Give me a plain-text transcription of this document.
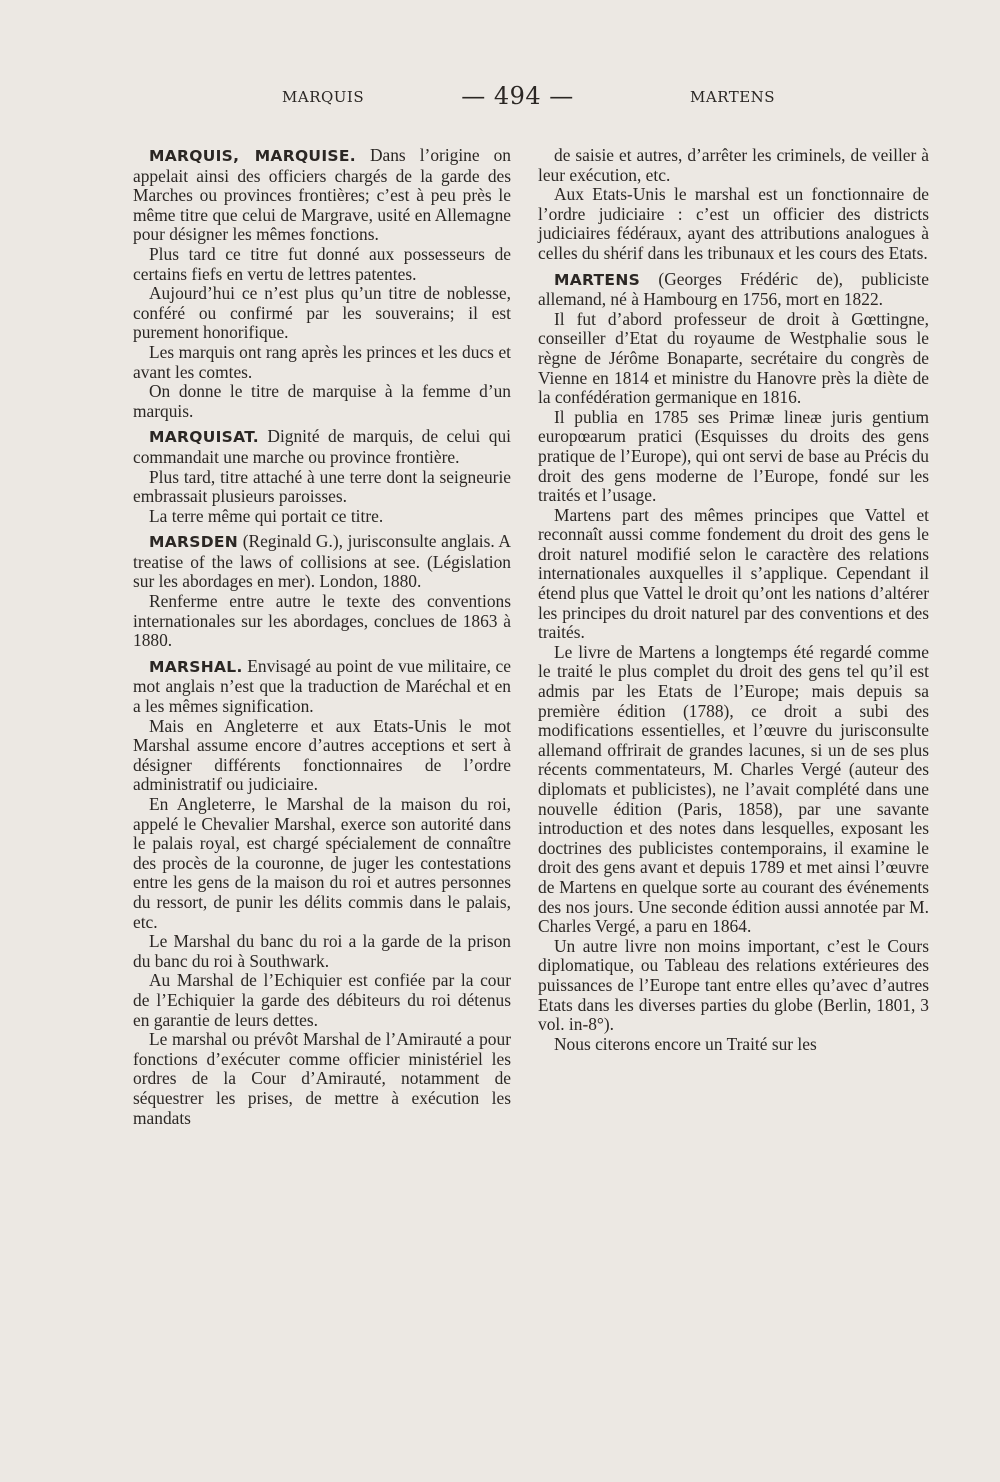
MARQUIS	— 494 —	MARTENS

MARQUIS, MARQUISE. Dans l’origine on appelait ainsi des officiers chargés de la garde des Marches ou provinces frontières; c’est à peu près le même titre que celui de Margrave, usité en Allemagne pour désigner les mêmes fonctions.

Plus tard ce titre fut donné aux possesseurs de certains fiefs en vertu de lettres patentes.

Aujourd’hui ce n’est plus qu’un titre de noblesse, conféré ou confirmé par les souverains; il est purement honorifique.

Les marquis ont rang après les princes et les ducs et avant les comtes.

On donne le titre de marquise à la femme d’un marquis.

MARQUISAT. Dignité de marquis, de celui qui commandait une marche ou province frontière.

Plus tard, titre attaché à une terre dont la seigneurie embrassait plusieurs paroisses.

La terre même qui portait ce titre.

MARSDEN (Reginald G.), jurisconsulte anglais. A treatise of the laws of collisions at see. (Législation sur les abordages en mer). London, 1880.

Renferme entre autre le texte des conventions internationales sur les abordages, conclues de 1863 à 1880.

MARSHAL. Envisagé au point de vue militaire, ce mot anglais n’est que la traduction de Maréchal et en a les mêmes signification.

Mais en Angleterre et aux Etats-Unis le mot Marshal assume encore d’autres acceptions et sert à désigner différents fonctionnaires de l’ordre administratif ou judiciaire.

En Angleterre, le Marshal de la maison du roi, appelé le Chevalier Marshal, exerce son autorité dans le palais royal, est chargé spécialement de connaître des procès de la couronne, de juger les contestations entre les gens de la maison du roi et autres personnes du ressort, de punir les délits commis dans le palais, etc.

Le Marshal du banc du roi a la garde de la prison du banc du roi à Southwark.

Au Marshal de l’Echiquier est confiée par la cour de l’Echiquier la garde des débiteurs du roi détenus en garantie de leurs dettes.

Le marshal ou prévôt Marshal de l’Amirauté a pour fonctions d’exécuter comme officier ministériel les ordres de la Cour d’Amirauté, notamment de séquestrer les prises, de mettre à exécution les mandats

de saisie et autres, d’arrêter les criminels, de veiller à leur exécution, etc.

Aux Etats-Unis le marshal est un fonctionnaire de l’ordre judiciaire : c’est un officier des districts judiciaires fédéraux, ayant des attributions analogues à celles du shérif dans les tribunaux et les cours des Etats.

MARTENS (Georges Frédéric de), publiciste allemand, né à Hambourg en 1756, mort en 1822.

Il fut d’abord professeur de droit à Gœttingne, conseiller d’Etat du royaume de Westphalie sous le règne de Jérôme Bonaparte, secrétaire du congrès de Vienne en 1814 et ministre du Hanovre près la diète de la confédération germanique en 1816.

Il publia en 1785 ses Primæ lineæ juris gentium europœarum pratici (Esquisses du droits des gens pratique de l’Europe), qui ont servi de base au Précis du droit des gens moderne de l’Europe, fondé sur les traités et l’usage.

Martens part des mêmes principes que Vattel et reconnaît aussi comme fondement du droit des gens le droit naturel modifié selon le caractère des relations internationales auxquelles il s’applique. Cependant il étend plus que Vattel le droit qu’ont les nations d’altérer les principes du droit naturel par des conventions et des traités.

Le livre de Martens a longtemps été regardé comme le traité le plus complet du droit des gens tel qu’il est admis par les Etats de l’Europe; mais depuis sa première édition (1788), ce droit a subi des modifications essentielles, et l’œuvre du jurisconsulte allemand offrirait de grandes lacunes, si un de ses plus récents commentateurs, M. Charles Vergé (auteur des diplomats et publicistes), ne l’avait complété dans une nouvelle édition (Paris, 1858), par une savante introduction et des notes dans lesquelles, exposant les doctrines des publicistes contemporains, il examine le droit des gens avant et depuis 1789 et met ainsi l’œuvre de Martens en quelque sorte au courant des événements des nos jours. Une seconde édition aussi annotée par M. Charles Vergé, a paru en 1864.

Un autre livre non moins important, c’est le Cours diplomatique, ou Tableau des relations extérieures des puissances de l’Europe tant entre elles qu’avec d’autres Etats dans les diverses parties du globe (Berlin, 1801, 3 vol. in-8°).

Nous citerons encore un Traité sur les
